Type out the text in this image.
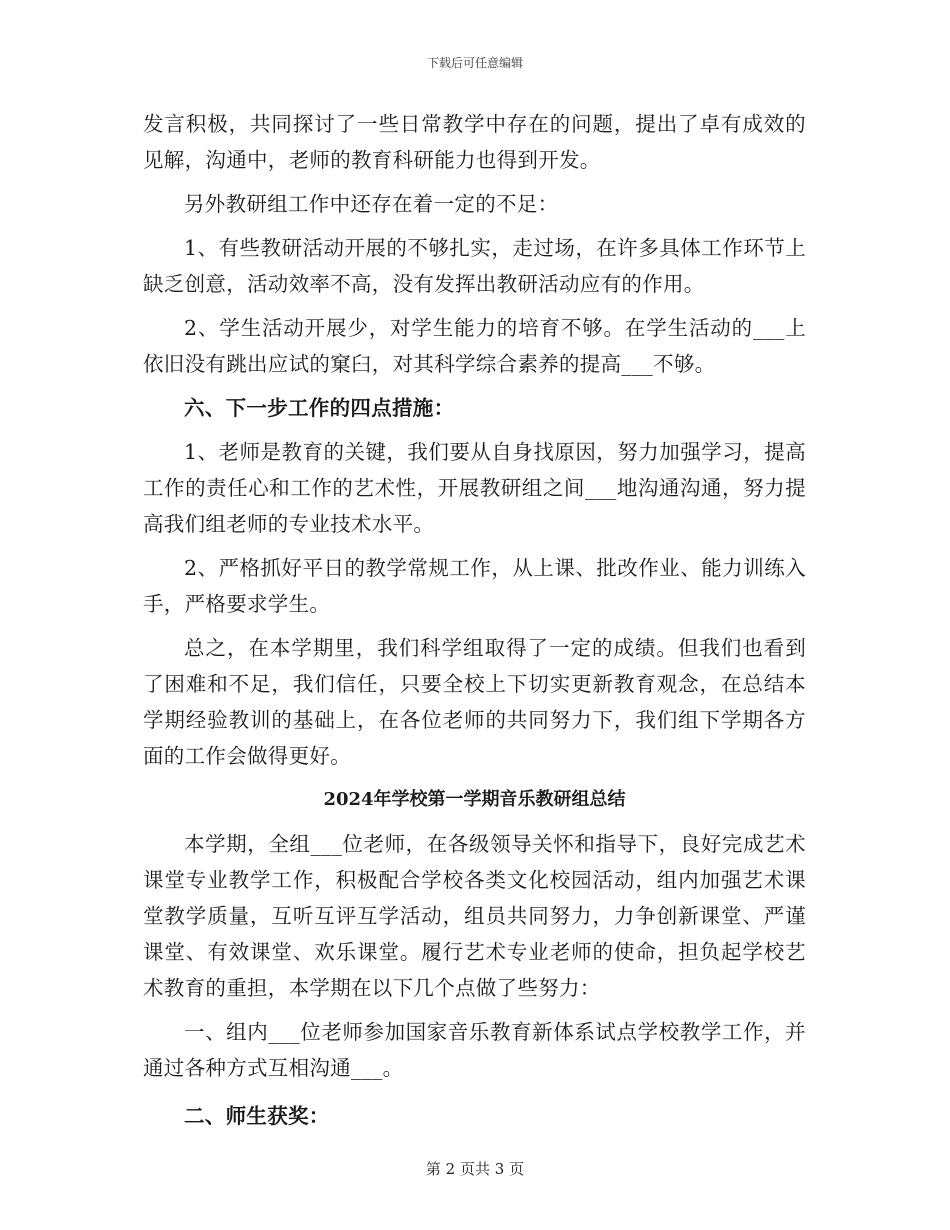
下载后可任意编辑

发言积极，共同探讨了一些日常教学中存在的问题，提出了卓有成效的见解，沟通中，老师的教育科研能力也得到开发。

另外教研组工作中还存在着一定的不足：

1、有些教研活动开展的不够扎实，走过场，在许多具体工作环节上缺乏创意，活动效率不高，没有发挥出教研活动应有的作用。

2、学生活动开展少，对学生能力的培育不够。在学生活动的___上依旧没有跳出应试的窠臼，对其科学综合素养的提高___不够。

六、下一步工作的四点措施：

1、老师是教育的关键，我们要从自身找原因，努力加强学习，提高工作的责任心和工作的艺术性，开展教研组之间___地沟通沟通，努力提高我们组老师的专业技术水平。

2、严格抓好平日的教学常规工作，从上课、批改作业、能力训练入手，严格要求学生。

总之，在本学期里，我们科学组取得了一定的成绩。但我们也看到了困难和不足，我们信任，只要全校上下切实更新教育观念，在总结本学期经验教训的基础上，在各位老师的共同努力下，我们组下学期各方面的工作会做得更好。

2024年学校第一学期音乐教研组总结

本学期，全组___位老师，在各级领导关怀和指导下，良好完成艺术课堂专业教学工作，积极配合学校各类文化校园活动，组内加强艺术课堂教学质量，互听互评互学活动，组员共同努力，力争创新课堂、严谨课堂、有效课堂、欢乐课堂。履行艺术专业老师的使命，担负起学校艺术教育的重担，本学期在以下几个点做了些努力：

一、组内___位老师参加国家音乐教育新体系试点学校教学工作，并通过各种方式互相沟通___。

二、师生获奖：

第 2 页共 3 页
